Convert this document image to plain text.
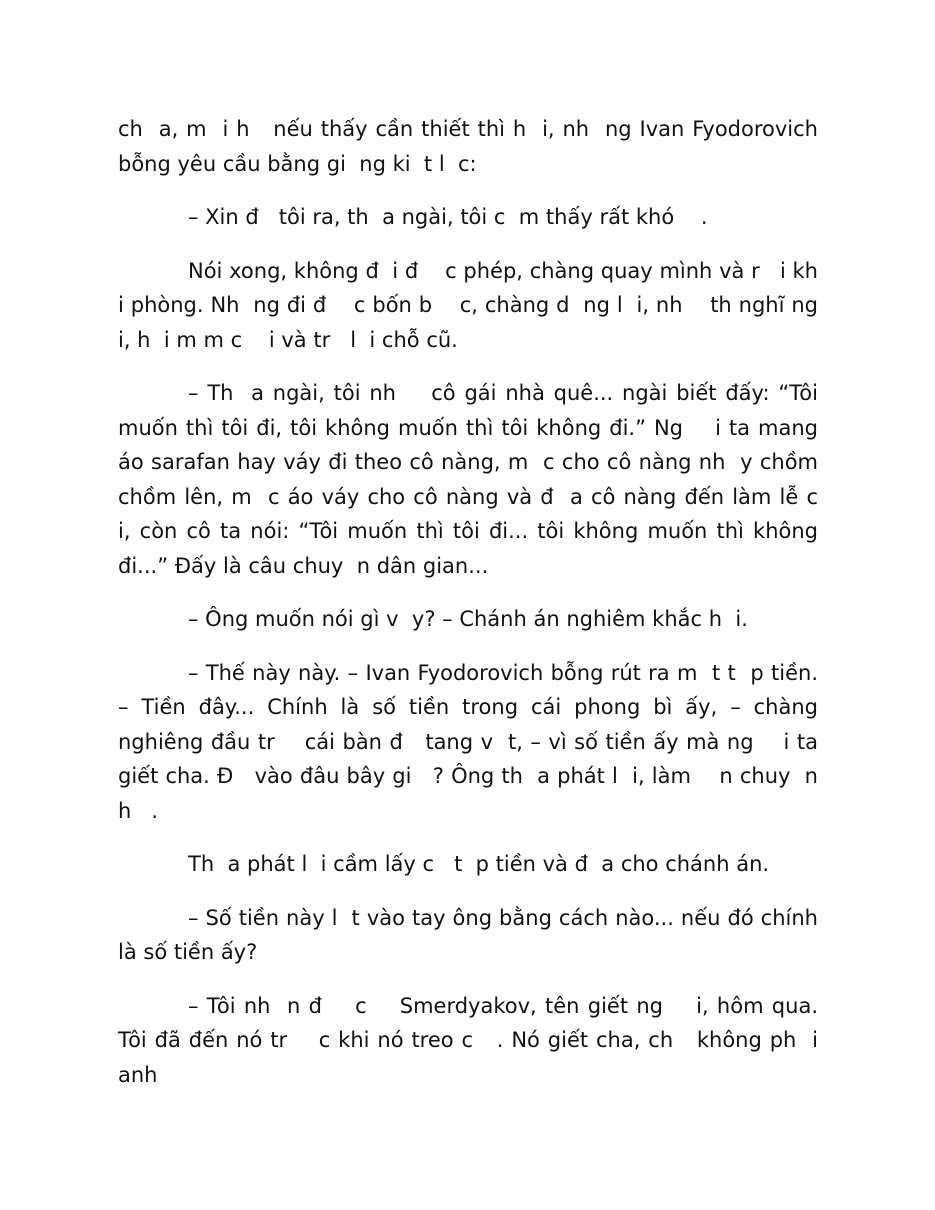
ch  a, m  i h   nếu thấy cần thiết thì h  i, nh  ng Ivan Fyodorovich bỗng yêu cầu bằng gi  ng ki  t l  c:

– Xin đ   tôi ra, th  a ngài, tôi c  m thấy rất khó    .

Nói xong, không đ  i đ    c phép, chàng quay mình và r   i kh  i phòng. Nh  ng đi đ    c bốn b    c, chàng d  ng l  i, nh    th nghĩ ng  i, h  i m m c    i và tr   l  i chỗ cũ.

– Th  a ngài, tôi nh    cô gái nhà quê... ngài biết đấy: “Tôi muốn thì tôi đi, tôi không muốn thì tôi không đi.” Ng    i ta mang áo sarafan hay váy đi theo cô nàng, m  c cho cô nàng nh  y chồm chồm lên, m  c áo váy cho cô nàng và đ  a cô nàng đến làm lễ c    i, còn cô ta nói: “Tôi muốn thì tôi đi... tôi không muốn thì không đi...” Đấy là câu chuy  n dân gian...

– Ông muốn nói gì v  y? – Chánh án nghiêm khắc h  i.

– Thế này này. – Ivan Fyodorovich bỗng rút ra m  t t  p tiền. – Tiền đây... Chính là số tiền trong cái phong bì ấy, – chàng nghiêng đầu tr    cái bàn đ   tang v  t, – vì số tiền ấy mà ng    i ta giết cha. Đ   vào đâu bây gi   ? Ông th  a phát l  i, làm    n chuy  n h   .

Th  a phát l  i cầm lấy c   t  p tiền và đ  a cho chánh án.

– Số tiền này l  t vào tay ông bằng cách nào... nếu đó chính là số tiền ấy?

– Tôi nh  n đ    c    Smerdyakov, tên giết ng    i, hôm qua. Tôi đã đến nó tr    c khi nó treo c   . Nó giết cha, ch   không ph  i anh
